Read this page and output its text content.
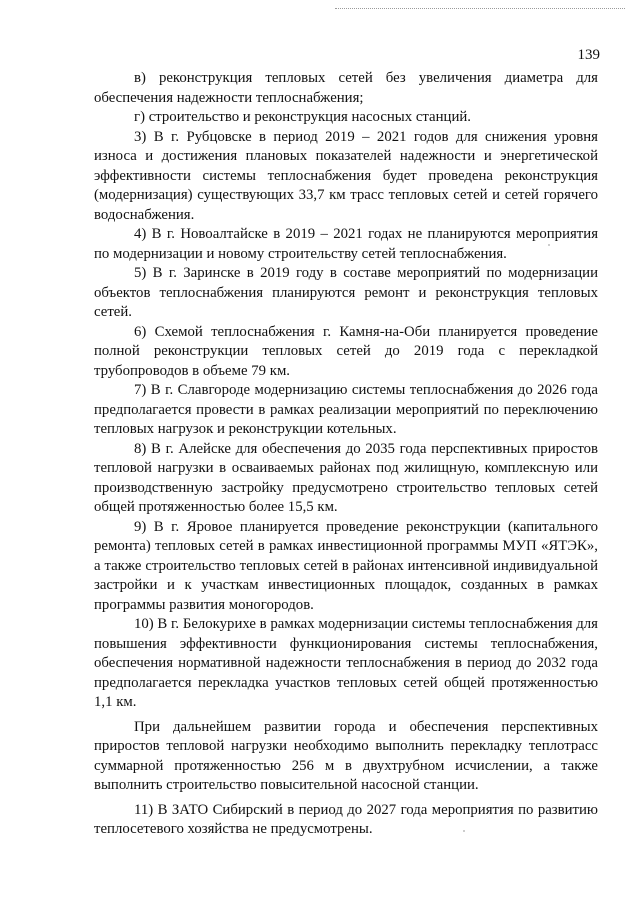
139

в) реконструкция тепловых сетей без увеличения диаметра для обеспечения надежности теплоснабжения;

г) строительство и реконструкция насосных станций.

3) В г. Рубцовске в период 2019 – 2021 годов для снижения уровня износа и достижения плановых показателей надежности и энергетической эффективности системы теплоснабжения будет проведена реконструкция (модернизация) существующих 33,7 км трасс тепловых сетей и сетей горячего водоснабжения.

4) В г. Новоалтайске в 2019 – 2021 годах не планируются мероприятия по модернизации и новому строительству сетей теплоснабжения.

5) В г. Заринске в 2019 году в составе мероприятий по модернизации объектов теплоснабжения планируются ремонт и реконструкция тепловых сетей.

6) Схемой теплоснабжения г. Камня-на-Оби планируется проведение полной реконструкции тепловых сетей до 2019 года с перекладкой трубопроводов в объеме 79 км.

7) В г. Славгороде модернизацию системы теплоснабжения до 2026 года предполагается провести в рамках реализации мероприятий по переключению тепловых нагрузок и реконструкции котельных.

8) В г. Алейске для обеспечения до 2035 года перспективных приростов тепловой нагрузки в осваиваемых районах под жилищную, комплексную или производственную застройку предусмотрено строительство тепловых сетей общей протяженностью более 15,5 км.

9) В г. Яровое планируется проведение реконструкции (капитального ремонта) тепловых сетей в рамках инвестиционной программы МУП «ЯТЭК», а также строительство тепловых сетей в районах интенсивной индивидуальной застройки и к участкам инвестиционных площадок, созданных в рамках программы развития моногородов.

10) В г. Белокурихе в рамках модернизации системы теплоснабжения для повышения эффективности функционирования системы теплоснабжения, обеспечения нормативной надежности теплоснабжения в период до 2032 года предполагается перекладка участков тепловых сетей общей протяженностью 1,1 км.

При дальнейшем развитии города и обеспечения перспективных приростов тепловой нагрузки необходимо выполнить перекладку теплотрасс суммарной протяженностью 256 м в двухтрубном исчислении, а также выполнить строительство повысительной насосной станции.

11) В ЗАТО Сибирский в период до 2027 года мероприятия по развитию теплосетевого хозяйства не предусмотрены.
